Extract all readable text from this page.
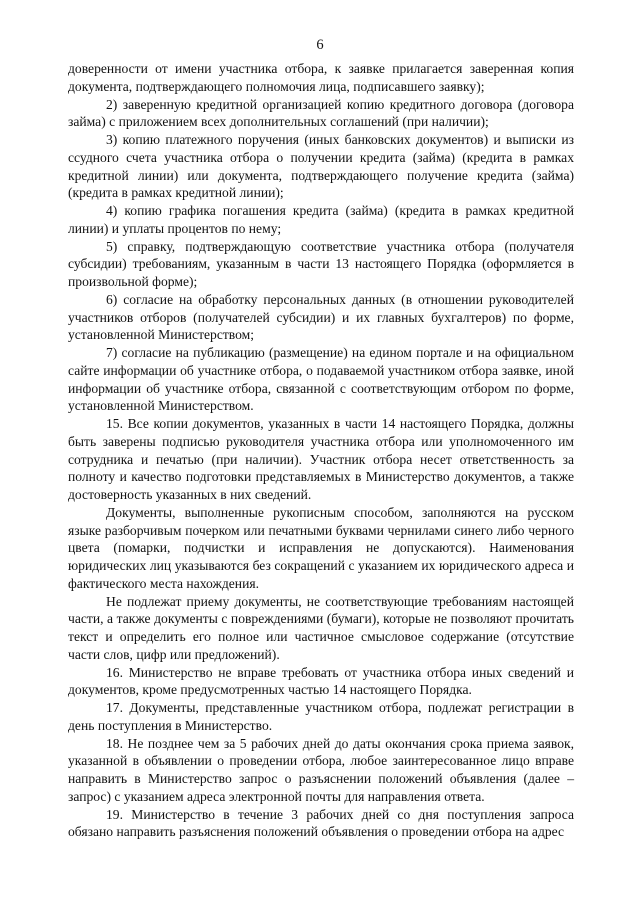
6

доверенности от имени участника отбора, к заявке прилагается заверенная копия документа, подтверждающего полномочия лица, подписавшего заявку);

2) заверенную кредитной организацией копию кредитного договора (договора займа) с приложением всех дополнительных соглашений (при наличии);

3) копию платежного поручения (иных банковских документов) и выписки из ссудного счета участника отбора о получении кредита (займа) (кредита в рамках кредитной линии) или документа, подтверждающего получение кредита (займа) (кредита в рамках кредитной линии);

4) копию графика погашения кредита (займа) (кредита в рамках кредитной линии) и уплаты процентов по нему;

5) справку, подтверждающую соответствие участника отбора (получателя субсидии) требованиям, указанным в части 13 настоящего Порядка (оформляется в произвольной форме);

6) согласие на обработку персональных данных (в отношении руководителей участников отборов (получателей субсидии) и их главных бухгалтеров) по форме, установленной Министерством;

7) согласие на публикацию (размещение) на едином портале и на официальном сайте информации об участнике отбора, о подаваемой участником отбора заявке, иной информации об участнике отбора, связанной с соответствующим отбором по форме, установленной Министерством.

15. Все копии документов, указанных в части 14 настоящего Порядка, должны быть заверены подписью руководителя участника отбора или уполномоченного им сотрудника и печатью (при наличии). Участник отбора несет ответственность за полноту и качество подготовки представляемых в Министерство документов, а также достоверность указанных в них сведений.

Документы, выполненные рукописным способом, заполняются на русском языке разборчивым почерком или печатными буквами чернилами синего либо черного цвета (помарки, подчистки и исправления не допускаются). Наименования юридических лиц указываются без сокращений с указанием их юридического адреса и фактического места нахождения.

Не подлежат приему документы, не соответствующие требованиям настоящей части, а также документы с повреждениями (бумаги), которые не позволяют прочитать текст и определить его полное или частичное смысловое содержание (отсутствие части слов, цифр или предложений).

16. Министерство не вправе требовать от участника отбора иных сведений и документов, кроме предусмотренных частью 14 настоящего Порядка.

17. Документы, представленные участником отбора, подлежат регистрации в день поступления в Министерство.

18. Не позднее чем за 5 рабочих дней до даты окончания срока приема заявок, указанной в объявлении о проведении отбора, любое заинтересованное лицо вправе направить в Министерство запрос о разъяснении положений объявления (далее – запрос) с указанием адреса электронной почты для направления ответа.

19. Министерство в течение 3 рабочих дней со дня поступления запроса обязано направить разъяснения положений объявления о проведении отбора на адрес
